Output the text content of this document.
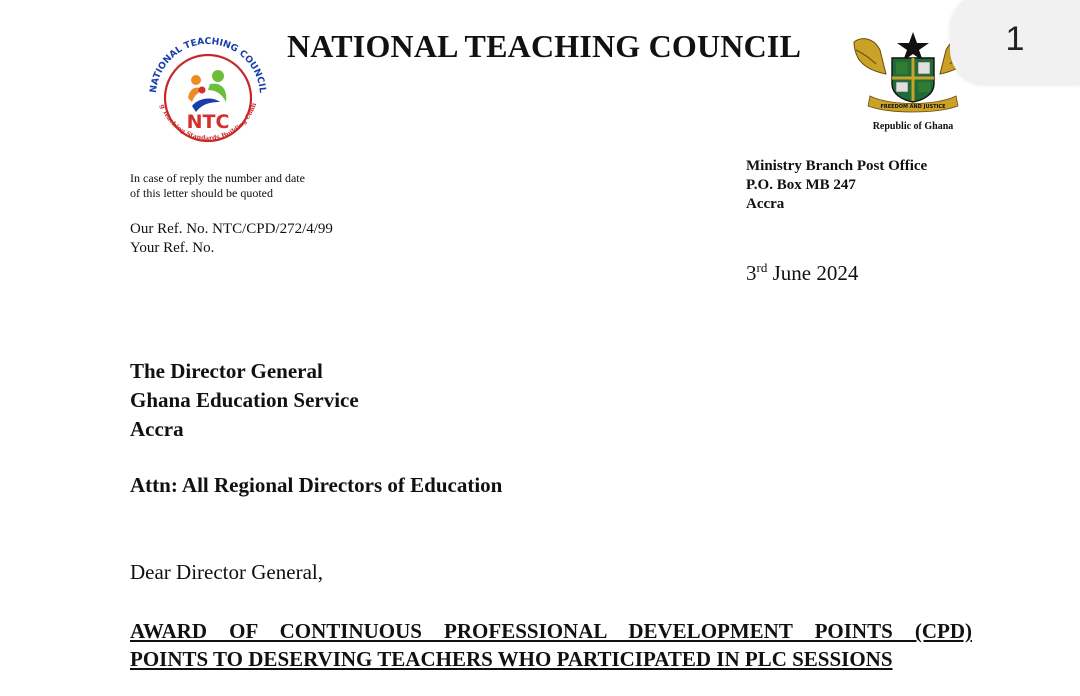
NATIONAL TEACHING COUNCIL
g Teaching Standards,Building Confidence
NTC
NATIONAL TEACHING COUNCIL
FREEDOM AND JUSTICE
Republic of Ghana
1
In case of reply the number and date
of this letter should be quoted
Our Ref. No. NTC/CPD/272/4/99
Your Ref. No.
Ministry Branch Post Office
P.O. Box MB 247
Accra
3rd June 2024
The Director General
Ghana Education Service
Accra
Attn: All Regional Directors of Education
Dear Director General,
AWARD OF CONTINUOUS PROFESSIONAL DEVELOPMENT POINTS (CPD)
POINTS TO DESERVING TEACHERS WHO PARTICIPATED IN PLC SESSIONS
